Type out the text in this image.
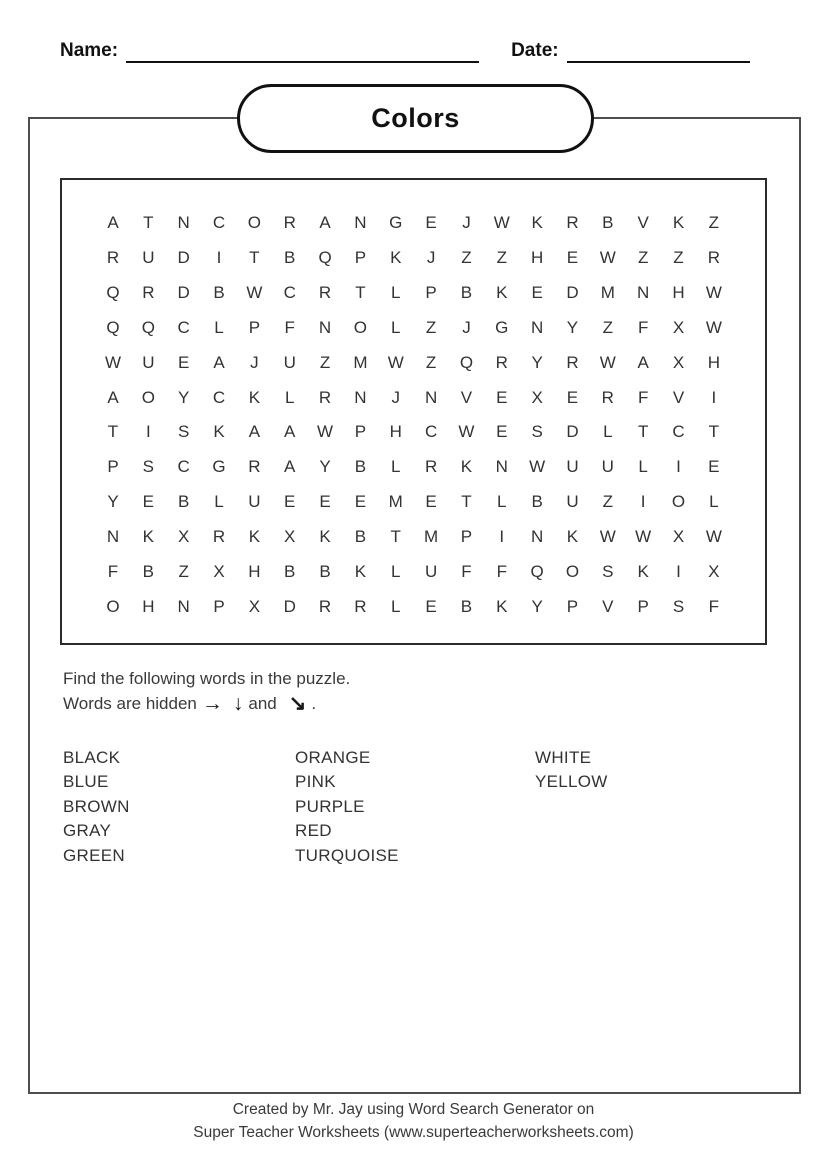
Name:	Date:
Colors
A	T	N C O R	A	N G	E	J	W	K	R	B	V	K	Z
R U D	I	T	B	Q	P	K	J	Z	Z	H	E	W	Z	Z	R
Q R D	B	W C R	T	L	P	B	K	E	D M N H W
Q Q C	L	P	F	N O	L	Z	J	G N	Y	Z	F	X	W
W U	E	A	J	U	Z	M W	Z	Q R	Y	R W	A	X	H
A	O	Y	C	K	L	R N	J	N	V	E	X	E	R	F	V	I
T	I	S	K	A	A	W	P	H C W	E	S	D	L	T	C	T
P	S	C G R	A	Y	B	L	R	K	N W U U	L	I	E
Y	E	B	L	U	E	E	E	M	E	T	L	B	U	Z	I	O	L
N	K	X	R	K	X	K	B	T	M	P	I	N	K	W W	X	W
F	B	Z	X	H	B	B	K	L	U	F	F	Q O	S	K	I	X
O H N	P	X	D R R	L	E	B	K	Y	P	V	P	S	F
Find the following words in the puzzle.
Words are hidden → ↓ and ↘ .
BLACK
BLUE
BROWN
GRAY
GREEN
ORANGE
PINK
PURPLE
RED
TURQUOISE
WHITE
YELLOW
Created by Mr. Jay using Word Search Generator on
Super Teacher Worksheets (www.superteacherworksheets.com)
